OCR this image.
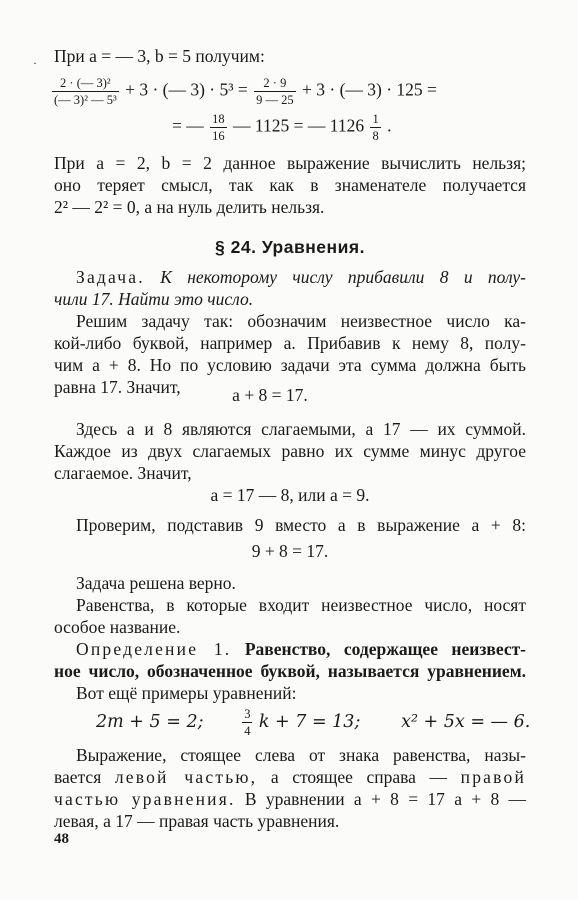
· При a = — 3, b = 5 получим:
$\frac{\text{2 · (— 3)²}}{\text{(— 3)² — 5³}} + 3$ · (— $3) \cdot 5^3 = \frac{2 \cdot 9}{9 — 25} + 3$ · (— 3) · 125 =
= — $\frac{18}{16}$ — 1125 = — $1126 \frac{1}{8}$ .
При a = 2, b = 2 данное выражение вычислить нельзя;
оно теряет смысл, так как в знаменателе получается
2² — 2² = 0, а на нуль делить нельзя.
§ 24. Уравнения.
Задача. К некоторому числу прибавили 8 и полу-
чили 17. Найти это число.
Решим задачу так: обозначим неизвестное число ка-
кой-либо буквой, например a. Прибавив к нему 8, полу-
чим a + 8. Но по условию задачи эта сумма должна быть
равна 17. Значит,	a + 8 = 17.
Здесь a и 8 являются слагаемыми, а 17 — их суммой.
Каждое из двух слагаемых равно их сумме минус другое
слагаемое. Значит,
a = 17 — 8, или a = 9.
Проверим, подставив 9 вместо a в выражение a + 8:
9 + 8 = 17.
Задача решена верно.
Равенства, в которые входит неизвестное число, носят
особое название.
Определение 1. Равенство, содержащее неизвест-
ное число, обозначенное буквой, называется уравнением.
Вот ещё примеры уравнений:
2m + 5 = 2;	$\frac{3}{4}$ k + 7 = 13; x² + 5x = — 6.
Выражение, стоящее слева от знака равенства, назы-
вается левой частью, а стоящее справа — правой
частью уравнения. В уравнении a + 8 = 17 a + 8 —
левая, а 17 — правая часть уравнения.
48
